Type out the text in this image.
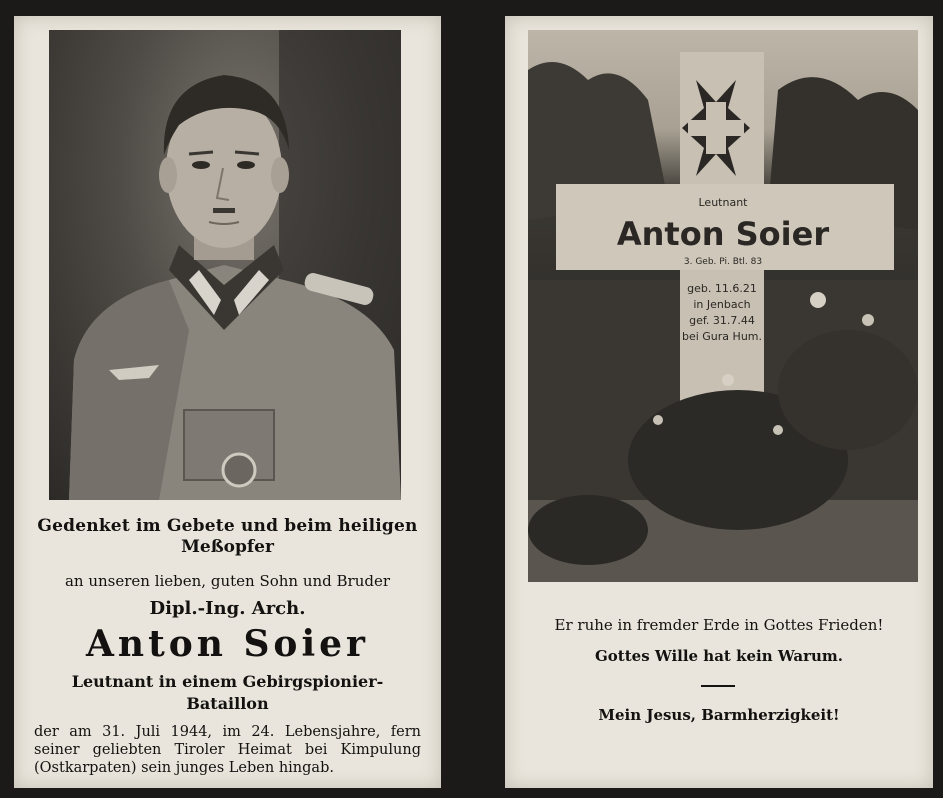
Gedenket im Gebete und beim heiligen
Meßopfer
an unseren lieben, guten Sohn und Bruder
Dipl.-Ing. Arch.
Anton Soier
Leutnant in einem Gebirgspionier-
Bataillon
der am 31. Juli 1944, im 24. Lebensjahre, fern seiner geliebten Tiroler Heimat bei Kimpulung (Ostkarpaten) sein junges Leben hingab.
Leutnant
Anton Soier
3. Geb. Pi. Btl. 83
geb. 11.6.21
in Jenbach
gef. 31.7.44
bei Gura Hum.
Er ruhe in fremder Erde in Gottes Frieden!
Gottes Wille hat kein Warum.
Mein Jesus, Barmherzigkeit!
